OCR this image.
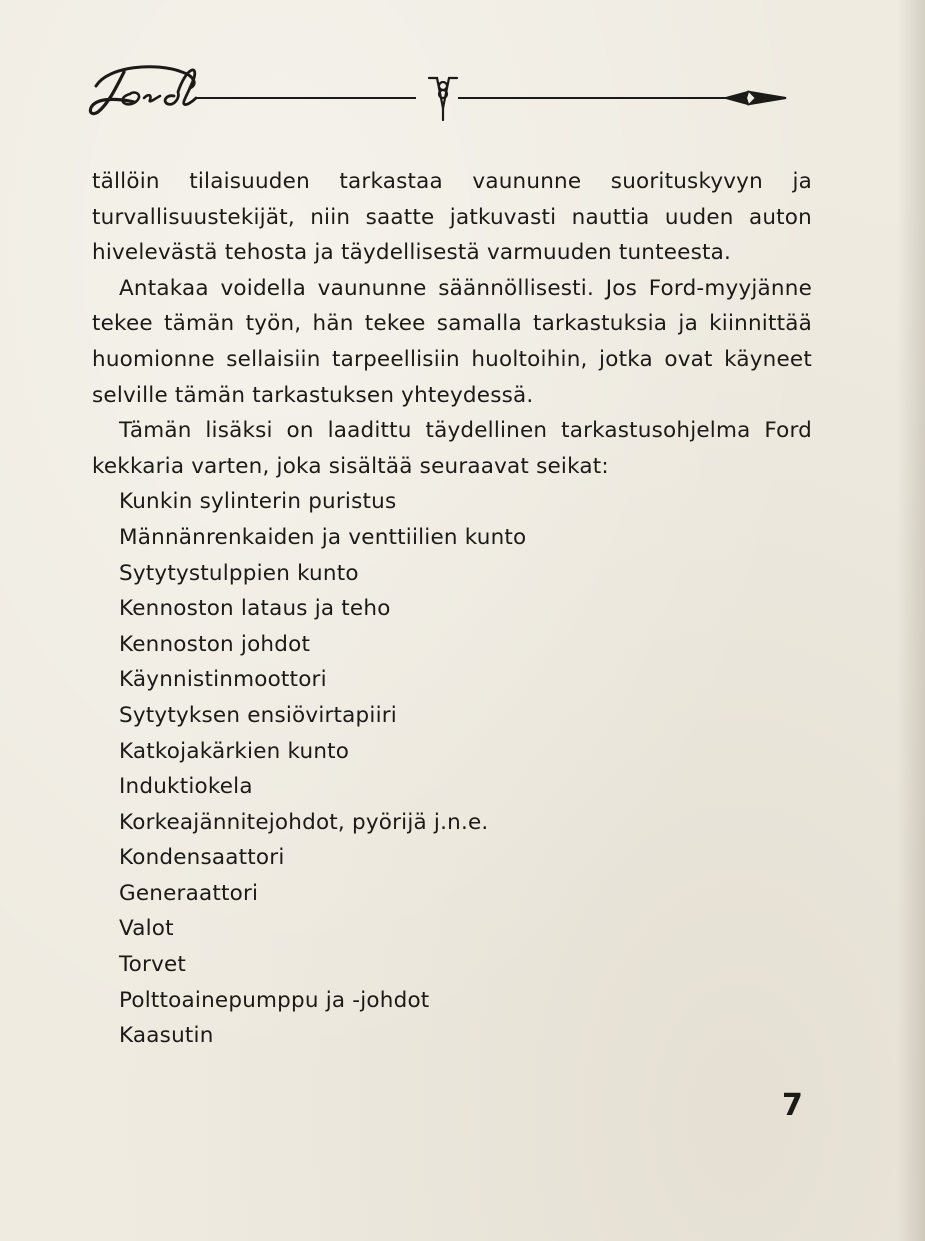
tällöin tilaisuuden tarkastaa vaununne suorituskyvyn ja turvallisuustekijät, niin saatte jatkuvasti nauttia uuden auton hivelevästä tehosta ja täydellisestä varmuuden tunteesta.

Antakaa voidella vaununne säännöllisesti. Jos Ford-myyjänne tekee tämän työn, hän tekee samalla tarkastuksia ja kiinnittää huomionne sellaisiin tarpeellisiin huoltoihin, jotka ovat käyneet selville tämän tarkastuksen yhteydessä.

Tämän lisäksi on laadittu täydellinen tarkastusohjelma Ford kekkaria varten, joka sisältää seuraavat seikat:

Kunkin sylinterin puristus
Männänrenkaiden ja venttiilien kunto
Sytytystulppien kunto
Kennoston lataus ja teho
Kennoston johdot
Käynnistinmoottori
Sytytyksen ensiövirtapiiri
Katkojakärkien kunto
Induktiokela
Korkeajännitejohdot, pyörijä j.n.e.
Kondensaattori
Generaattori
Valot
Torvet
Polttoainepumppu ja -johdot
Kaasutin
7
